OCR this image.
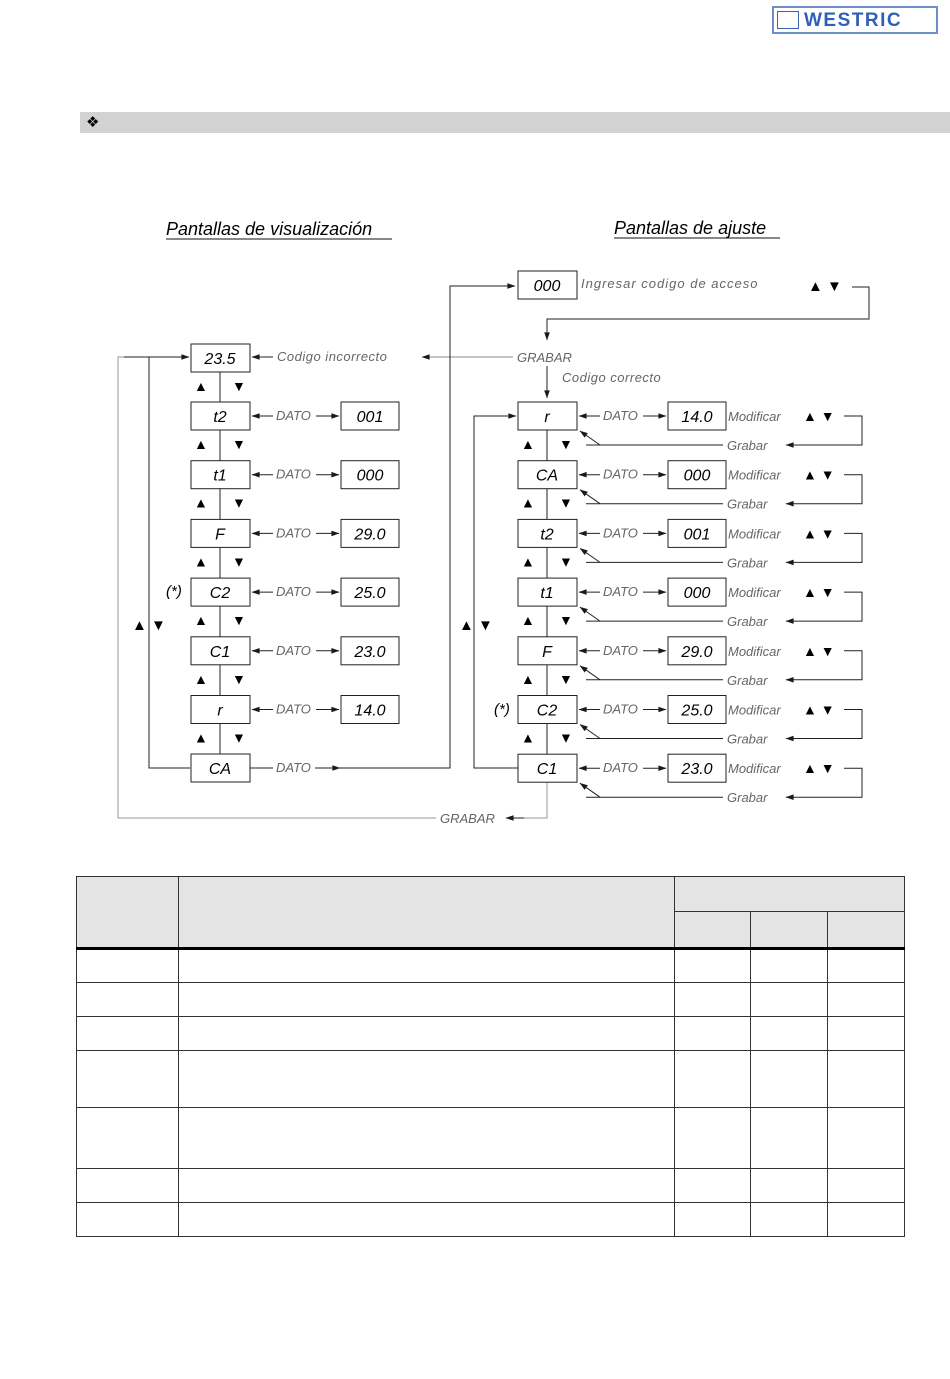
WESTRIC
❖
Pantallas de visualización	Pantallas de ajuste
000 Ingresar codigo de acceso	▲ ▼
GRABAR
Codigo correcto
23.5	Codigo incorrecto
▲ ▼
CA	DATO
▲ ▼
GRABAR
(*)
(*)
▲ ▼
t2	DATO	001
▲ ▼
t1	DATO	000
▲ ▼
F	DATO	29.0
▲ ▼
C2	DATO	25.0
▲ ▼
C1	DATO	23.0
▲ ▼
r	DATO	14.0
▲ ▼
r	DATO	14.0 Modificar ▲ ▼
Grabar
▲ ▼
CA	DATO	000 Modificar ▲ ▼
Grabar
▲ ▼
t2	DATO	001 Modificar ▲ ▼
Grabar
▲ ▼
t1	DATO	000 Modificar ▲ ▼
Grabar
▲ ▼
F	DATO	29.0 Modificar ▲ ▼
Grabar
▲ ▼
C2	DATO	25.0 Modificar ▲ ▼
Grabar
▲ ▼
C1	DATO	23.0 Modificar ▲ ▼
Grabar
